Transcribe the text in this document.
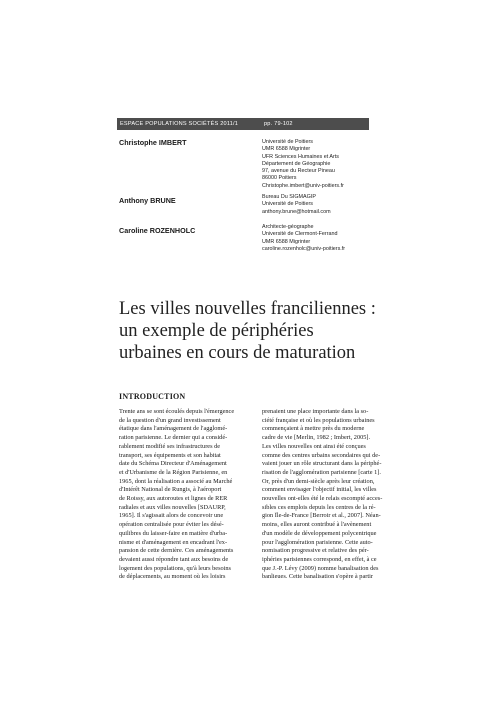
ESPACE POPULATIONS SOCIÉTÉS 2011/1	pp. 79-102
Christophe IMBERT	Université de Poitiers
UMR 6588 Migrinter
UFR Sciences Humaines et Arts
Département de Géographie
97, avenue du Recteur Pineau
86000 Poitiers
Christophe.imbert@univ-poitiers.fr
Anthony BRUNE	Bureau Du SIGMAGIP
Université de Poitiers
anthony.brune@hotmail.com
Caroline ROZENHOLC	Architecte-géographe
Université de Clermont-Ferrand
UMR 6588 Migrinter
caroline.rozenholc@univ-poitiers.fr
Les villes nouvelles franciliennes :
un exemple de périphéries
urbaines en cours de maturation
INTRODUCTION
Trente ans se sont écoulés depuis l'émergence
de la question d'un grand investissement
étatique dans l'aménagement de l'agglomé-
ration parisienne. Le dernier qui a considé-
rablement modifié ses infrastructures de
transport, ses équipements et son habitat
date du Schéma Directeur d'Aménagement
et d'Urbanisme de la Région Parisienne, en
1965, dont la réalisation a associé au Marché
d'Intérêt National de Rungis, à l'aéroport
de Roissy, aux autoroutes et lignes de RER
radiales et aux villes nouvelles [SDAURP,
1965]. Il s'agissait alors de concevoir une
opération centralisée pour éviter les désé-
quilibres du laisser-faire en matière d'urba-
nisme et d'aménagement en encadrant l'ex-
pansion de cette dernière. Ces aménagements
devaient aussi répondre tant aux besoins de
logement des populations, qu'à leurs besoins
de déplacements, au moment où les loisirs
prenaient une place importante dans la so-
ciété française et où les populations urbaines
commençaient à mettre près du moderne
cadre de vie [Merlin, 1982 ; Imbert, 2005].
Les villes nouvelles ont ainsi été conçues
comme des centres urbains secondaires qui de-
vaient jouer un rôle structurant dans la périphé-
risation de l'agglomération parisienne [carte 1].
Or, près d'un demi-siècle après leur création,
comment envisager l'objectif initial, les villes
nouvelles ont-elles été le relais escompté acces-
sibles ces emplois depuis les centres de la ré-
gion Île-de-France [Berroir et al., 2007]. Néan-
moins, elles auront contribué à l'avènement
d'un modèle de développement polycentrique
pour l'agglomération parisienne. Cette auto-
nomisation progressive et relative des pér-
iphéries parisiennes correspond, en effet, à ce
que J.-P. Lévy (2009) nomme banalisation des
banlieues. Cette banalisation s'opère à partir
